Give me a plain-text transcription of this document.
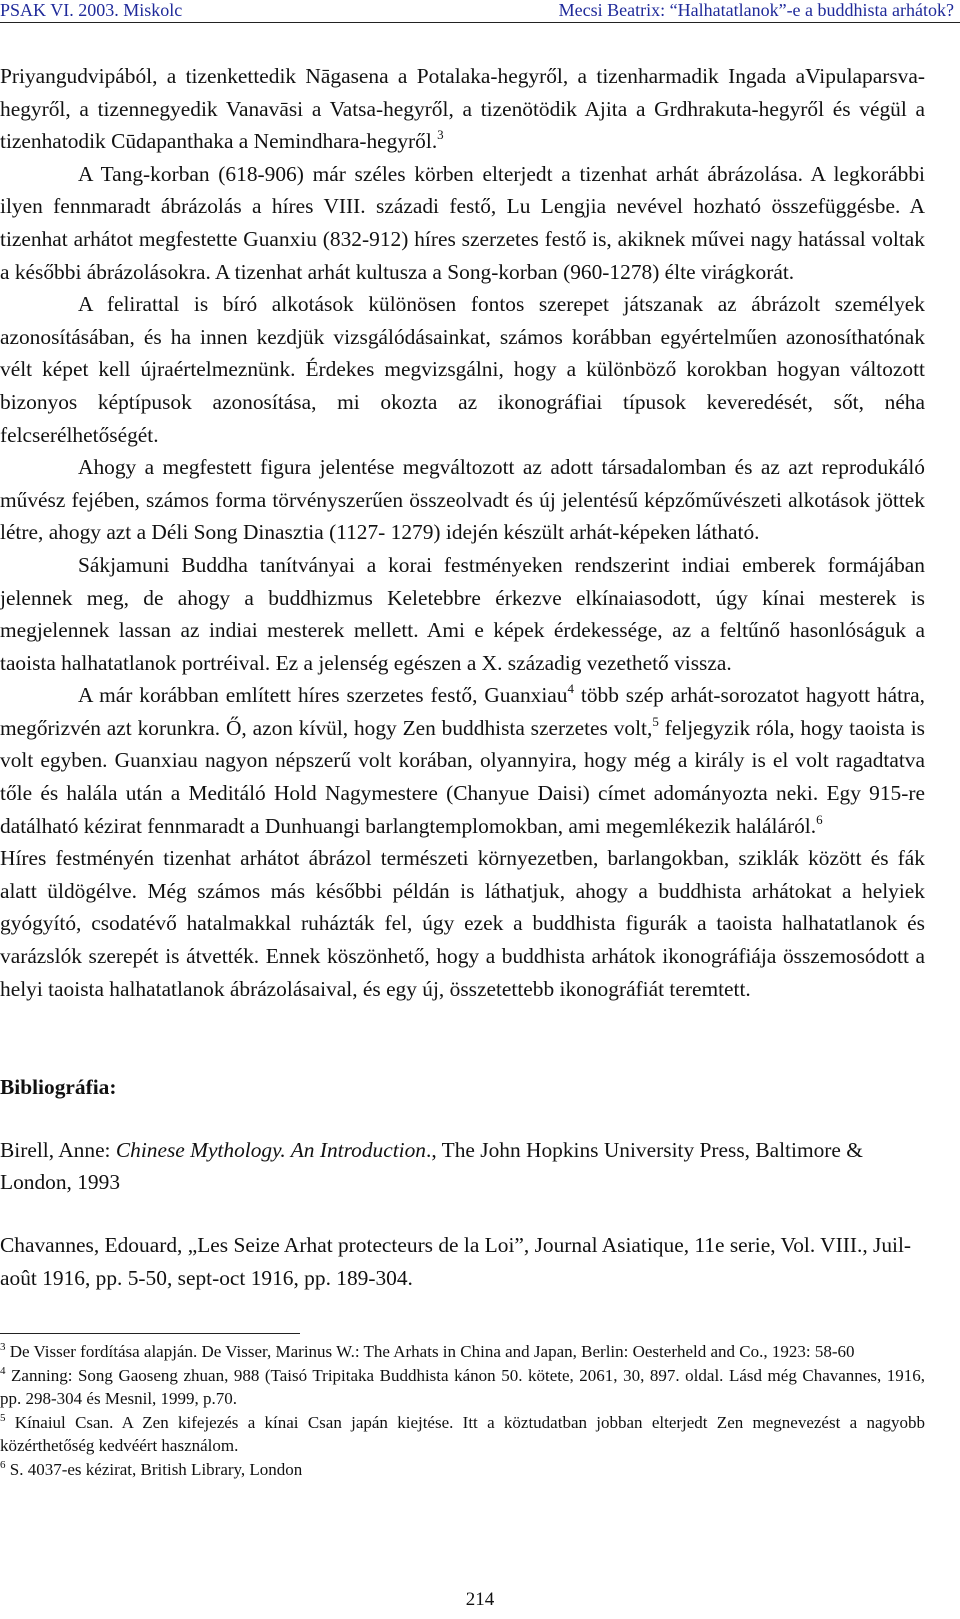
PSAK VI. 2003. Miskolc	Mecsi Beatrix: “Halhatatlanok”-e a buddhista arhátok?

Priyangudvipából, a tizenkettedik Nāgasena a Potalaka-hegyről, a tizenharmadik Ingada aVipulaparsva-hegyről, a tizennegyedik Vanavāsi a Vatsa-hegyről, a tizenötödik Ajita a Grdhrakuta-hegyről és végül a tizenhatodik Cūdapanthaka a Nemindhara-hegyről.$^3$
A Tang-korban (618-906) már széles körben elterjedt a tizenhat arhát ábrázolása. A legkorábbi ilyen fennmaradt ábrázolás a híres VIII. századi festő, Lu Lengjia nevével hozható összefüggésbe. A tizenhat arhátot megfestette Guanxiu (832-912) híres szerzetes festő is, akiknek művei nagy hatással voltak a későbbi ábrázolásokra. A tizenhat arhát kultusza a Song-korban (960-1278) élte virágkorát.

A felirattal is bíró alkotások különösen fontos szerepet játszanak az ábrázolt személyek azonosításában, és ha innen kezdjük vizsgálódásainkat, számos korábban egyértelműen azonosíthatónak vélt képet kell újraértelmeznünk. Érdekes megvizsgálni, hogy a különböző korokban hogyan változott bizonyos képtípusok azonosítása, mi okozta az ikonográfiai típusok keveredését, sőt, néha felcserélhetőségét.

Ahogy a megfestett figura jelentése megváltozott az adott társadalomban és az azt reprodukáló művész fejében, számos forma törvényszerűen összeolvadt és új jelentésű képzőművészeti alkotások jöttek létre, ahogy azt a Déli Song Dinasztia (1127- 1279) idején készült arhát-képeken látható.

Sákjamuni Buddha tanítványai a korai festményeken rendszerint indiai emberek formájában jelennek meg, de ahogy a buddhizmus Keletebbre érkezve elkínaiasodott, úgy kínai mesterek is megjelennek lassan az indiai mesterek mellett. Ami e képek érdekessége, az a feltűnő hasonlóságuk a taoista halhatatlanok portréival. Ez a jelenség egészen a X. századig vezethető vissza.

A már korábban említett híres szerzetes festő, Guanxiau$^4$ több szép arhát-sorozatot hagyott hátra, megőrizvén azt korunkra. Ő, azon kívül, hogy Zen buddhista szerzetes volt,$^5$ feljegyzik róla, hogy taoista is volt egyben. Guanxiau nagyon népszerű volt korában, olyannyira, hogy még a király is el volt ragadtatva tőle és halála után a Meditáló Hold Nagymestere (Chanyue Daisi) címet adományozta neki. Egy 915-re datálható kézirat fennmaradt a Dunhuangi barlangtemplomokban, ami megemlékezik haláláról.$^6$

Híres festményén tizenhat arhátot ábrázol természeti környezetben, barlangokban, sziklák között és fák alatt üldögélve. Még számos más későbbi példán is láthatjuk, ahogy a buddhista arhátokat a helyiek gyógyító, csodatévő hatalmakkal ruházták fel, úgy ezek a buddhista figurák a taoista halhatatlanok és varázslók szerepét is átvették. Ennek köszönhető, hogy a buddhista arhátok ikonográfiája összemosódott a helyi taoista halhatatlanok ábrázolásaival, és egy új, összetettebb ikonográfiát teremtett.

Bibliográfia:

Birell, Anne: Chinese Mythology. An Introduction., The John Hopkins University Press, Baltimore & London, 1993

Chavannes, Edouard, „Les Seize Arhat protecteurs de la Loi”, Journal Asiatique, 11e serie, Vol. VIII., Juil-août 1916, pp. 5-50, sept-oct 1916, pp. 189-304.

$^3$ De Visser fordítása alapján. De Visser, Marinus W.: The Arhats in China and Japan, Berlin: Oesterheld and Co., 1923: 58-60

$^4$ Zanning: Song Gaoseng zhuan, 988 (Taisó Tripitaka Buddhista kánon 50. kötete, 2061, 30, 897. oldal. Lásd még Chavannes, 1916, pp. 298-304 és Mesnil, 1999, p.70.

$^5$ Kínaiul Csan. A Zen kifejezés a kínai Csan japán kiejtése. Itt a köztudatban jobban elterjedt Zen megnevezést a nagyobb közérthetőség kedvéért használom.

$^6$ S. 4037-es kézirat, British Library, London

214
